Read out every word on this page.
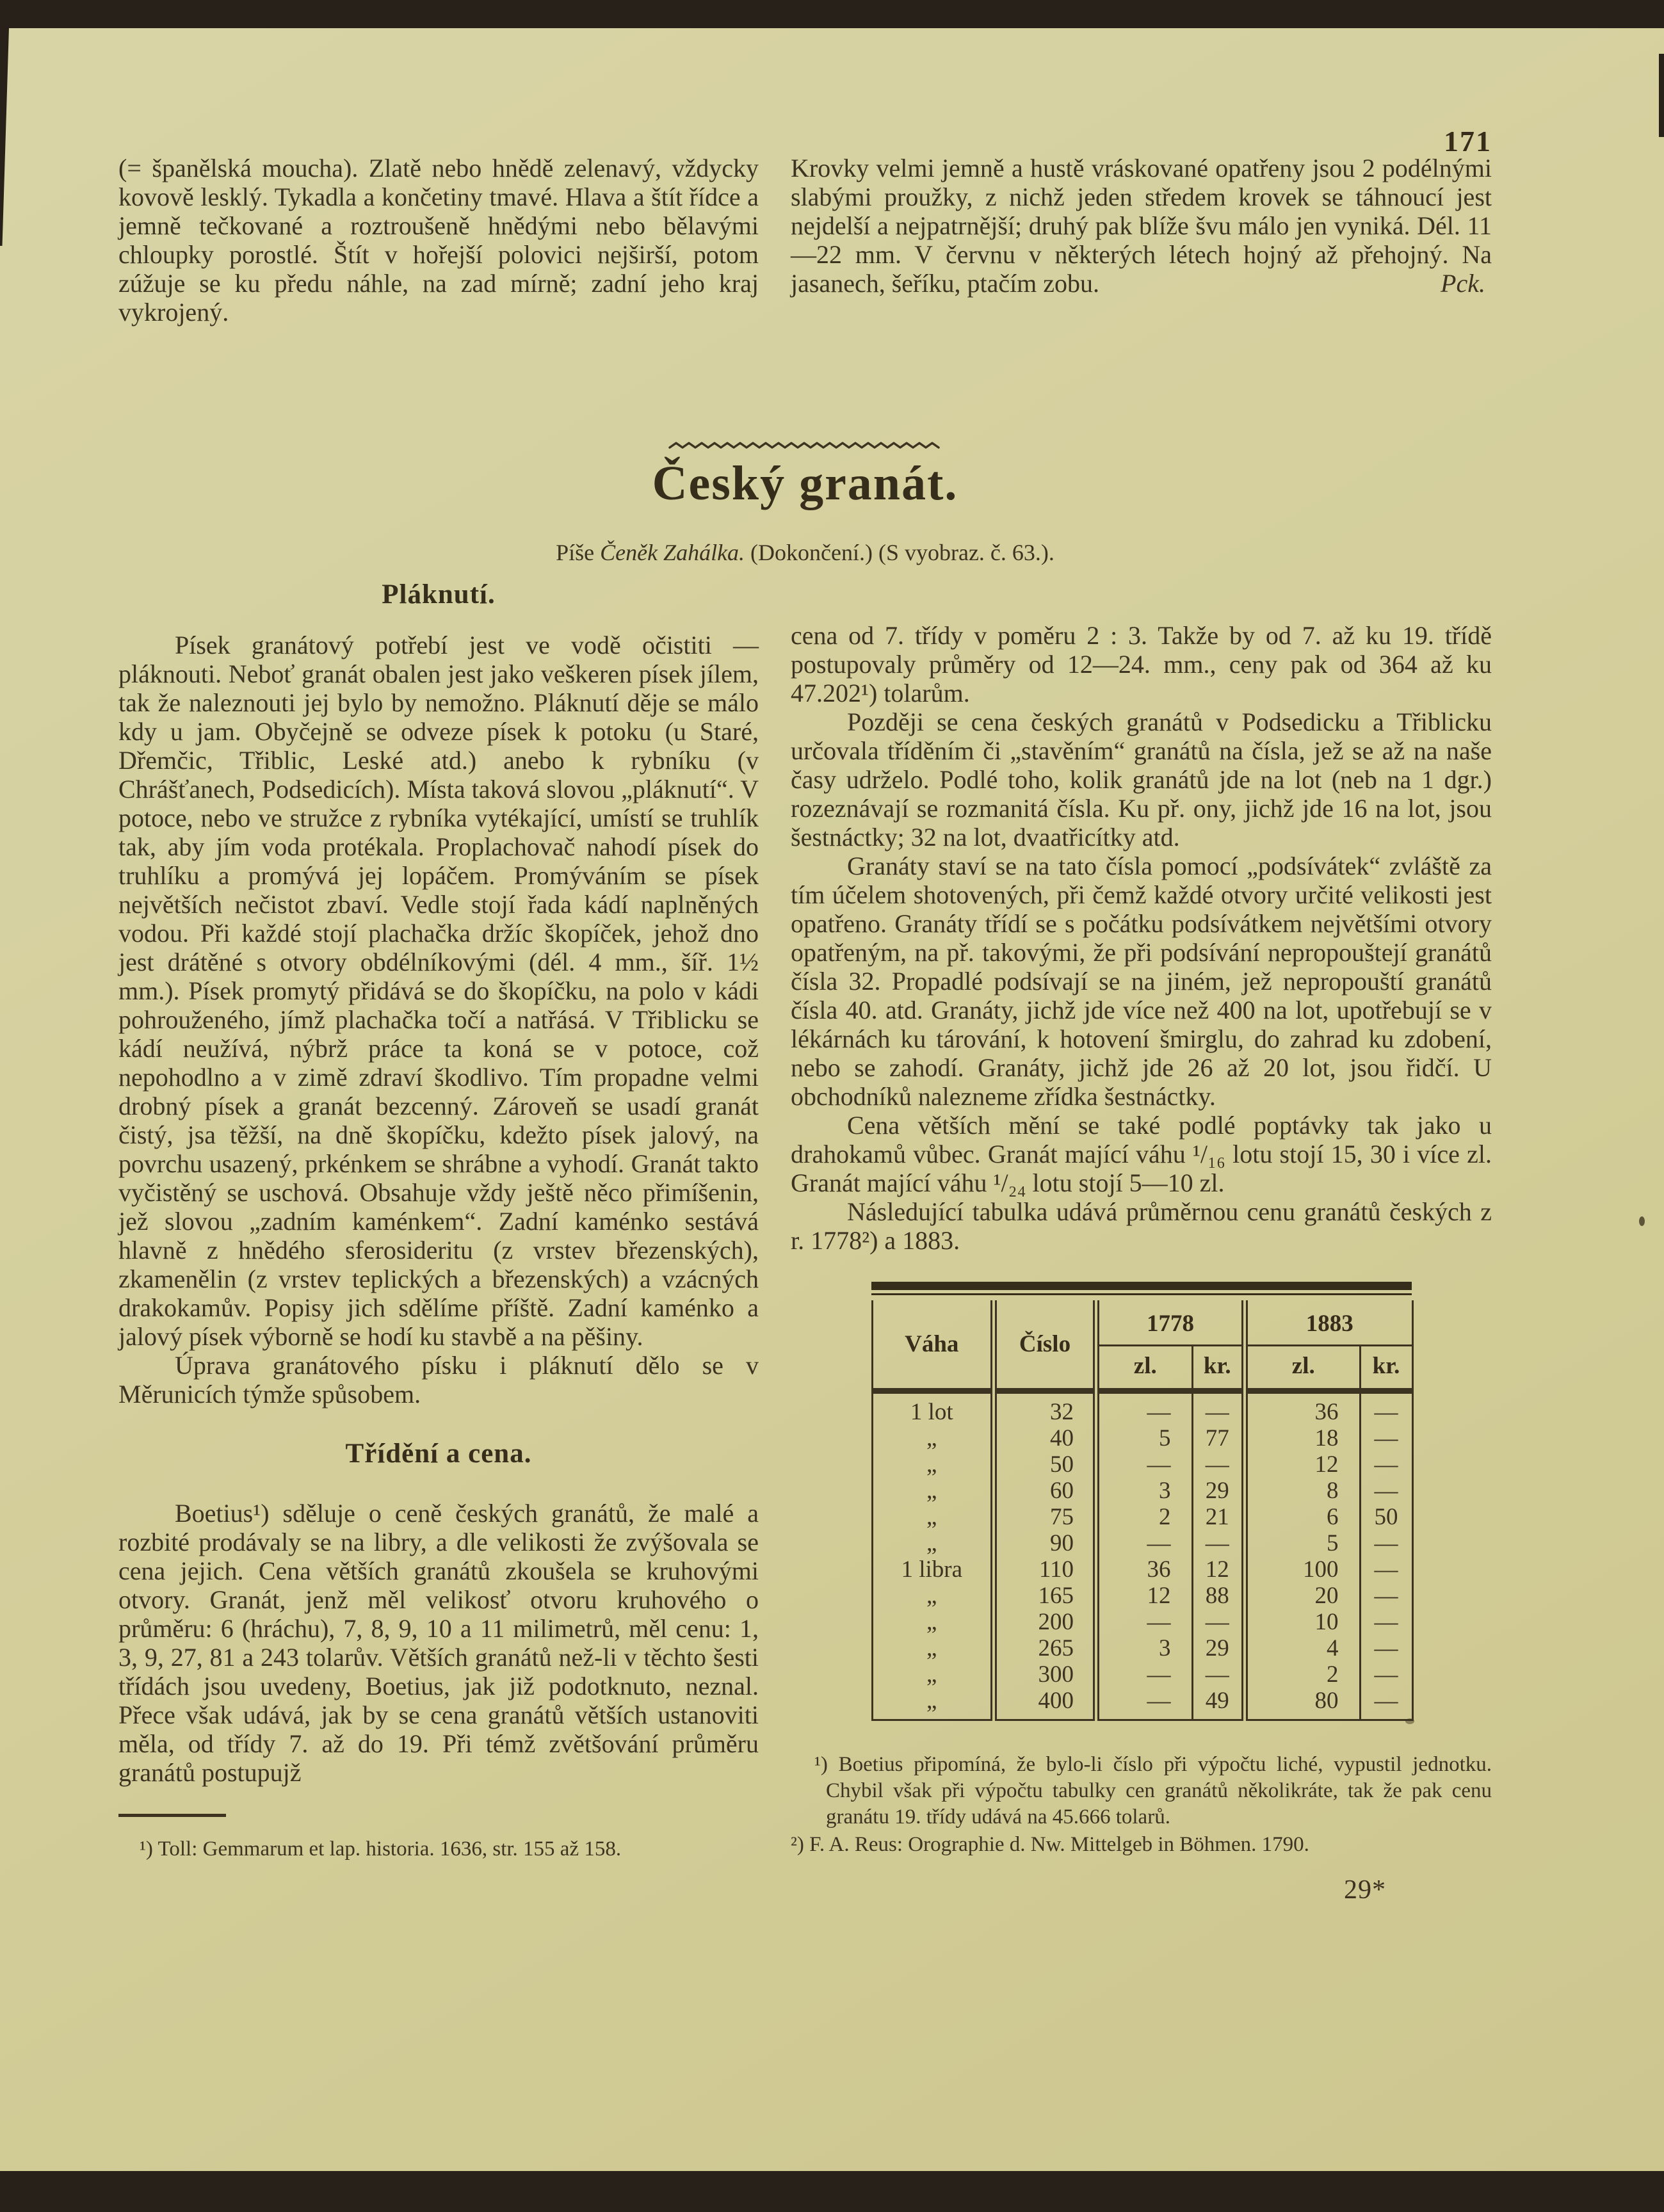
171
(= španělská moucha). Zlatě nebo hnědě zelenavý, vždycky kovově lesklý. Tykadla a končetiny tmavé. Hlava a štít řídce a jemně tečkované a roztroušeně hnědými nebo bělavými chloupky porostlé. Štít v hořejší polovici nejširší, potom zúžuje se ku předu náhle, na zad mírně; zadní jeho kraj vykrojený.
Krovky velmi jemně a hustě vráskované opatřeny jsou 2 podélnými slabými proužky, z nichž jeden středem krovek se táhnoucí jest nejdelší a nejpatrnější; druhý pak blíže švu málo jen vyniká. Dél. 11—22 mm. V červnu v některých létech hojný až přehojný. Na jasanech, šeříku, ptačím zobu.	Pck.
Český granát.
Píše Čeněk Zahálka. (Dokončení.) (S vyobraz. č. 63.).
Pláknutí.

Písek granátový potřebí jest ve vodě očistiti — pláknouti. Neboť granát obalen jest jako veškeren písek jílem, tak že naleznouti jej bylo by nemožno. Pláknutí děje se málo kdy u jam. Obyčejně se odveze písek k potoku (u Staré, Dřemčic, Třiblic, Leské atd.) anebo k rybníku (v Chrášťanech, Podsedicích). Místa taková slovou „pláknutí“. V potoce, nebo ve stružce z rybníka vytékající, umístí se truhlík tak, aby jím voda protékala. Proplachovač nahodí písek do truhlíku a promývá jej lopáčem. Promýváním se písek největších nečistot zbaví. Vedle stojí řada kádí naplněných vodou. Při každé stojí plachačka držíc škopíček, jehož dno jest drátěné s otvory obdélníkovými (dél. 4 mm., šíř. 1½ mm.). Písek promytý přidává se do škopíčku, na polo v kádi pohrouženého, jímž plachačka točí a natřásá. V Třiblicku se kádí neužívá, nýbrž práce ta koná se v potoce, což nepohodlno a v zimě zdraví škodlivo. Tím propadne velmi drobný písek a granát bezcenný. Zároveň se usadí granát čistý, jsa těžší, na dně škopíčku, kdežto písek jalový, na povrchu usazený, prkénkem se shrábne a vyhodí. Granát takto vyčistěný se uschová. Obsahuje vždy ještě něco přimíšenin, jež slovou „zadním kaménkem“. Zadní kaménko sestává hlavně z hnědého sferosideritu (z vrstev březenských), zkamenělin (z vrstev teplických a březenských) a vzácných drakokamův. Popisy jich sdělíme příště. Zadní kaménko a jalový písek výborně se hodí ku stavbě a na pěšiny.

Úprava granátového písku i pláknutí dělo se v Měrunicích týmže spůsobem.

Třídění a cena.

Boetius¹) sděluje o ceně českých granátů, že malé a rozbité prodávaly se na libry, a dle velikosti že zvýšovala se cena jejich. Cena větších granátů zkoušela se kruhovými otvory. Granát, jenž měl velikosť otvoru kruhového o průměru: 6 (hráchu), 7, 8, 9, 10 a 11 milimetrů, měl cenu: 1, 3, 9, 27, 81 a 243 tolarův. Větších granátů než-li v těchto šesti třídách jsou uvedeny, Boetius, jak již podotknuto, neznal. Přece však udává, jak by se cena granátů větších ustanoviti měla, od třídy 7. až do 19. Při témž zvětšování průměru granátů postupujž

¹) Toll: Gemmarum et lap. historia. 1636, str. 155 až 158.

cena od 7. třídy v poměru 2 : 3. Takže by od 7. až ku 19. třídě postupovaly průměry od 12—24. mm., ceny pak od 364 až ku 47.202¹) tolarům.

Později se cena českých granátů v Podsedicku a Třiblicku určovala tříděním či „stavěním“ granátů na čísla, jež se až na naše časy udrželo. Podlé toho, kolik granátů jde na lot (neb na 1 dgr.) rozeznávají se rozmanitá čísla. Ku př. ony, jichž jde 16 na lot, jsou šestnáctky; 32 na lot, dvaatřicítky atd.

Granáty staví se na tato čísla pomocí „podsívátek“ zvláště za tím účelem shotovených, při čemž každé otvory určité velikosti jest opatřeno. Granáty třídí se s počátku podsívátkem největšími otvory opatřeným, na př. takovými, že při podsívání nepropouštejí granátů čísla 32. Propadlé podsívají se na jiném, jež nepropouští granátů čísla 40. atd. Granáty, jichž jde více než 400 na lot, upotřebují se v lékárnách ku tárování, k hotovení šmirglu, do zahrad ku zdobení, nebo se zahodí. Granáty, jichž jde 26 až 20 lot, jsou řidčí. U obchodníků nalezneme zřídka šestnáctky.

Cena větších mění se také podlé poptávky tak jako u drahokamů vůbec. Granát mající váhu ¹/₁₆ lotu stojí 15, 30 i více zl. Granát mající váhu ¹/₂₄ lotu stojí 5—10 zl.

Následující tabulka udává průměrnou cenu granátů českých z r. 1778²) a 1883.

Váha	Číslo	1778		1883	
		zl.	kr.	zl.	kr.
1 lot	32	—	—	36	—
„	40	5	77	18	—
„	50	—	—	12	—
„	60	3	29	8	—
„	75	2	21	6	50
„	90	—	—	5	—
1 libra	110	36	12	100	—
„	165	12	88	20	—
„	200	—	—	10	—
„	265	3	29	4	—
„	300	—	—	2	—
„	400	—	49	80	—
¹) Boetius připomíná, že bylo-li číslo při výpočtu liché, vypustil jednotku. Chybil však při výpočtu tabulky cen granátů několikráte, tak že pak cenu granátu 19. třídy udává na 45.666 tolarů.
²) F. A. Reus: Orographie d. Nw. Mittelgeb in Böhmen. 1790.
29*
